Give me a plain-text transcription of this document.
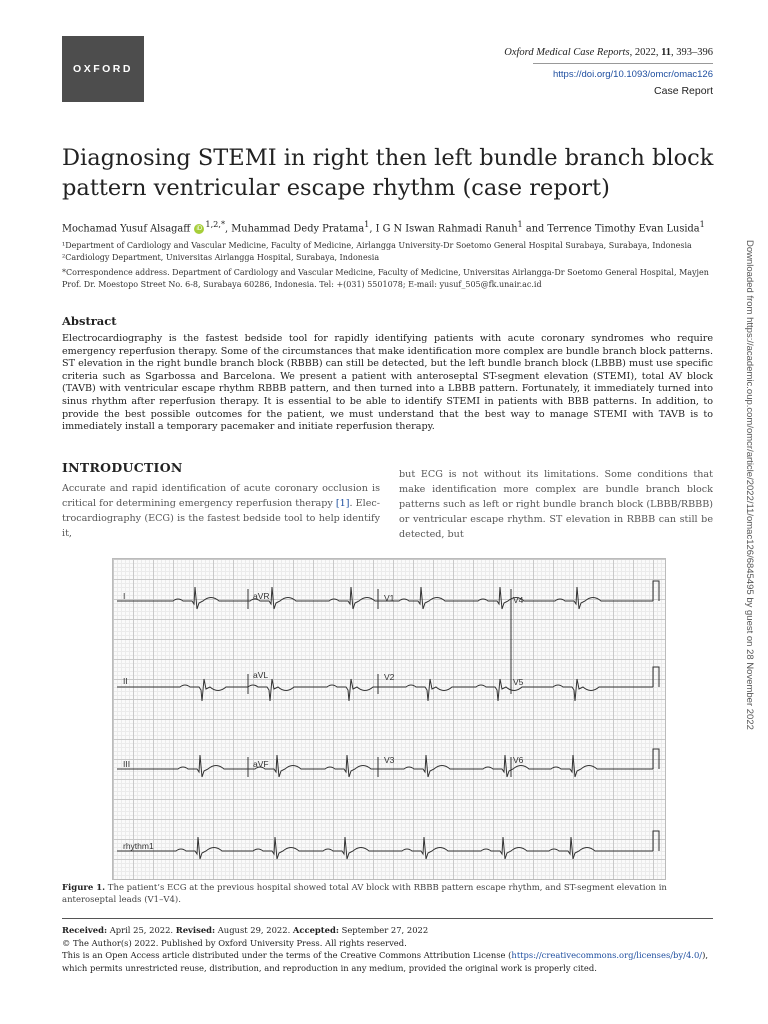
OXFORD
Oxford Medical Case Reports, 2022, 11, 393–396
https://doi.org/10.1093/omcr/omac126
Case Report
Diagnosing STEMI in right then left bundle branch block pattern ventricular escape rhythm (case report)
Mochamad Yusuf Alsagaff iD $^{1,2,*}$, Muhammad Dedy Pratama$^1$, I G N Iswan Rahmadi Ranuh$^1$ and Terrence Timothy Evan Lusida$^1$

¹Department of Cardiology and Vascular Medicine, Faculty of Medicine, Airlangga University-Dr Soetomo General Hospital Surabaya, Surabaya, Indonesia

²Cardiology Department, Universitas Airlangga Hospital, Surabaya, Indonesia

*Correspondence address. Department of Cardiology and Vascular Medicine, Faculty of Medicine, Universitas Airlangga-Dr Soetomo General Hospital, Mayjen Prof. Dr. Moestopo Street No. 6-8, Surabaya 60286, Indonesia. Tel: +(031) 5501078; E-mail: yusuf_505@fk.unair.ac.id

Abstract

Electrocardiography is the fastest bedside tool for rapidly identifying patients with acute coronary syndromes who require emergency reperfusion therapy. Some of the circumstances that make identification more complex are bundle branch block patterns. ST elevation in the right bundle branch block (RBBB) can still be detected, but the left bundle branch block (LBBB) must use specific criteria such as Sgarbossa and Barcelona. We present a patient with anteroseptal ST-segment elevation (STEMI), total AV block (TAVB) with ventricular escape rhythm RBBB pattern, and then turned into a LBBB pattern. Fortunately, it immediately turned into sinus rhythm after reperfusion therapy. It is essential to be able to identify STEMI in patients with BBB patterns. In addition, to provide the best possible outcomes for the patient, we must understand that the best way to manage STEMI with TAVB is to immediately install a temporary pacemaker and initiate reperfusion therapy.

INTRODUCTION

Accurate and rapid identification of acute coronary occlusion is critical for determining emergency reperfusion therapy [1]. Electrocardiography (ECG) is the fastest bedside tool to help identify it,

but ECG is not without its limitations. Some conditions that make identification more complex are bundle branch block patterns such as left or right bundle branch block (LBBB/RBBB) or ventricular escape rhythm. ST elevation in RBBB can still be detected, but

I	aVR	V1	V4
II
aVL	V2	V5
III	aVF	V3	V6
rhythm1

Figure 1. The patient’s ECG at the previous hospital showed total AV block with RBBB pattern escape rhythm, and ST-segment elevation in anteroseptal leads (V1–V4).

Received: April 25, 2022. Revised: August 29, 2022. Accepted: September 27, 2022

© The Author(s) 2022. Published by Oxford University Press. All rights reserved.

This is an Open Access article distributed under the terms of the Creative Commons Attribution License (https://creativecommons.org/licenses/by/4.0/), which permits unrestricted reuse, distribution, and reproduction in any medium, provided the original work is properly cited.

Downloaded from https://academic.oup.com/omcr/article/2022/11/omac126/6845495 by guest on 28 November 2022
